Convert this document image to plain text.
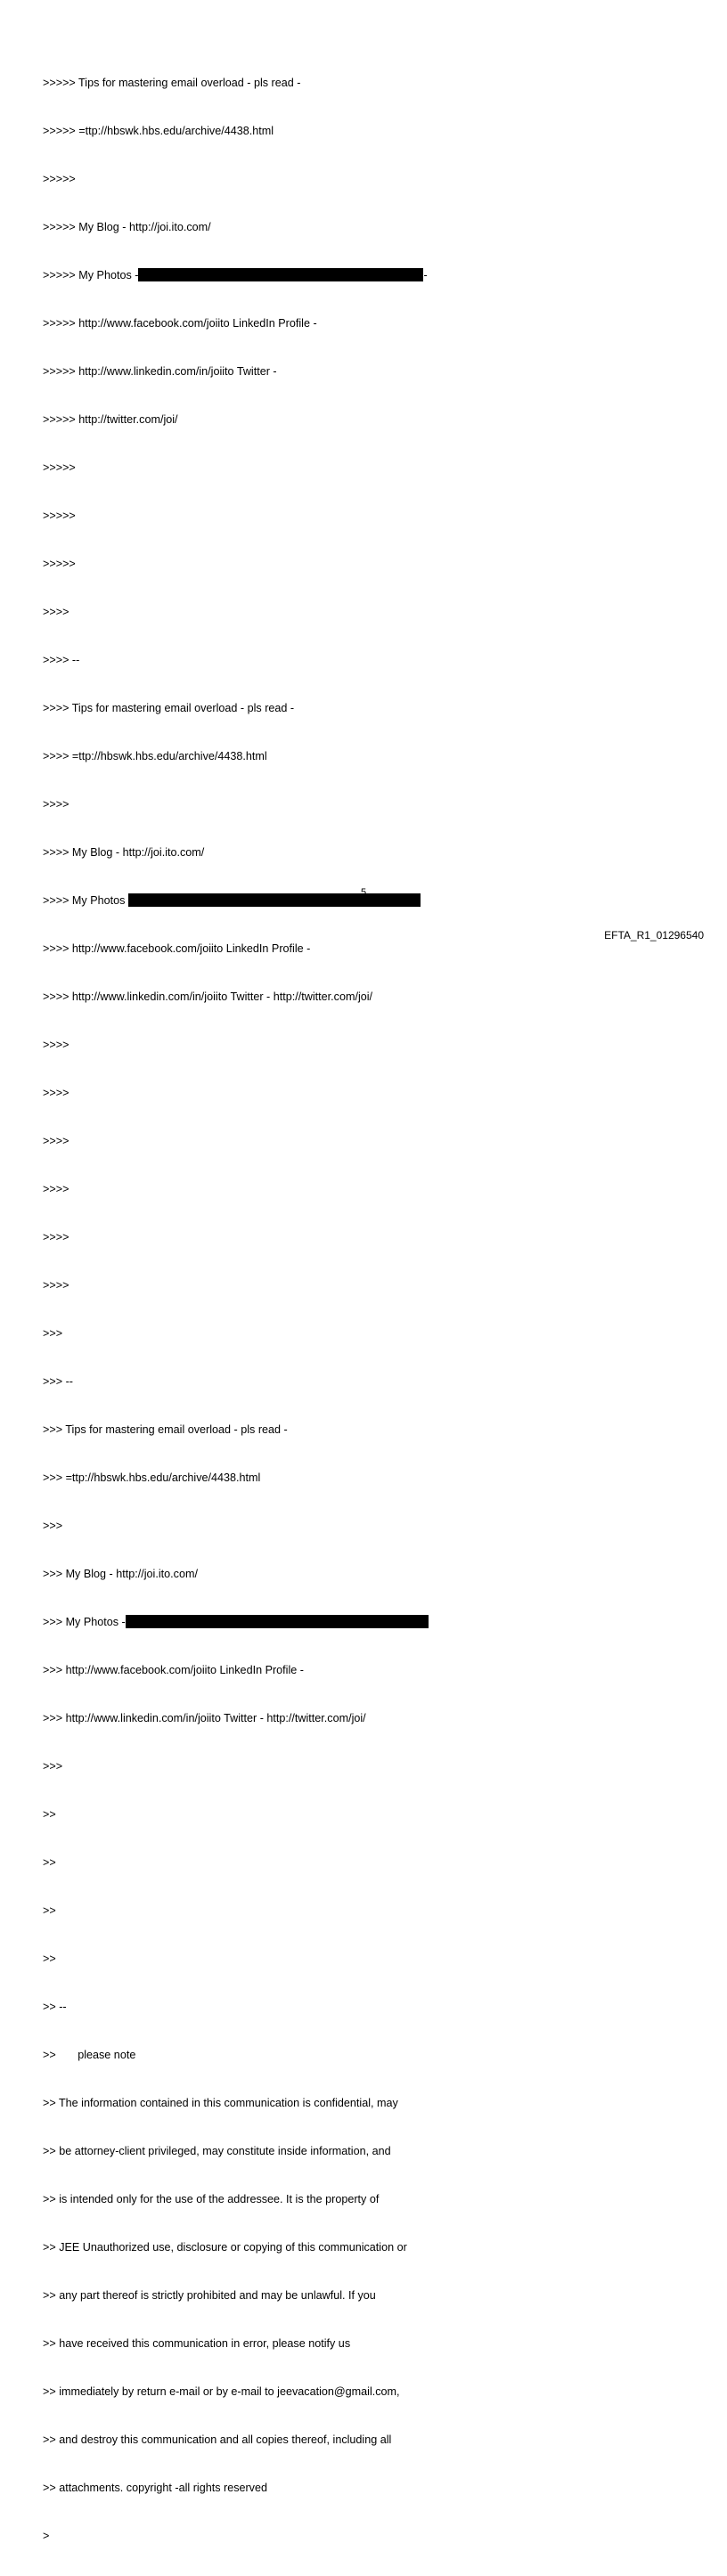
>>>>> Tips for mastering email overload - pls read -

>>>>> =ttp://hbswk.hbs.edu/archive/4438.html

>>>>>

>>>>> My Blog - http://joi.ito.com/

>>>>> My Photos -	-

>>>>> http://www.facebook.com/joiito LinkedIn Profile -

>>>>> http://www.linkedin.com/in/joiito Twitter -

>>>>> http://twitter.com/joi/

>>>>>

>>>>>

>>>>>

>>>>

>>>> --

>>>> Tips for mastering email overload - pls read -

>>>> =ttp://hbswk.hbs.edu/archive/4438.html

>>>>

>>>> My Blog - http://joi.ito.com/

>>>> My Photos

>>>> http://www.facebook.com/joiito LinkedIn Profile -

>>>> http://www.linkedin.com/in/joiito Twitter - http://twitter.com/joi/

>>>>

>>>>

>>>>

>>>>

>>>>

>>>>

>>>

>>> --

>>> Tips for mastering email overload - pls read -

>>> =ttp://hbswk.hbs.edu/archive/4438.html

>>>

>>> My Blog - http://joi.ito.com/

>>> My Photos -

>>> http://www.facebook.com/joiito LinkedIn Profile -

>>> http://www.linkedin.com/in/joiito Twitter - http://twitter.com/joi/

>>>

>>

>>

>>

>>

>> --

>>       please note

>> The information contained in this communication is confidential, may

>> be attorney-client privileged, may constitute inside information, and

>> is intended only for the use of the addressee. It is the property of

>> JEE Unauthorized use, disclosure or copying of this communication or

>> any part thereof is strictly prohibited and may be unlawful. If you

>> have received this communication in error, please notify us

>> immediately by return e-mail or by e-mail to jeevacation@gmail.com,

>> and destroy this communication and all copies thereof, including all

>> attachments. copyright -all rights reserved

>

5
EFTA_R1_01296540
